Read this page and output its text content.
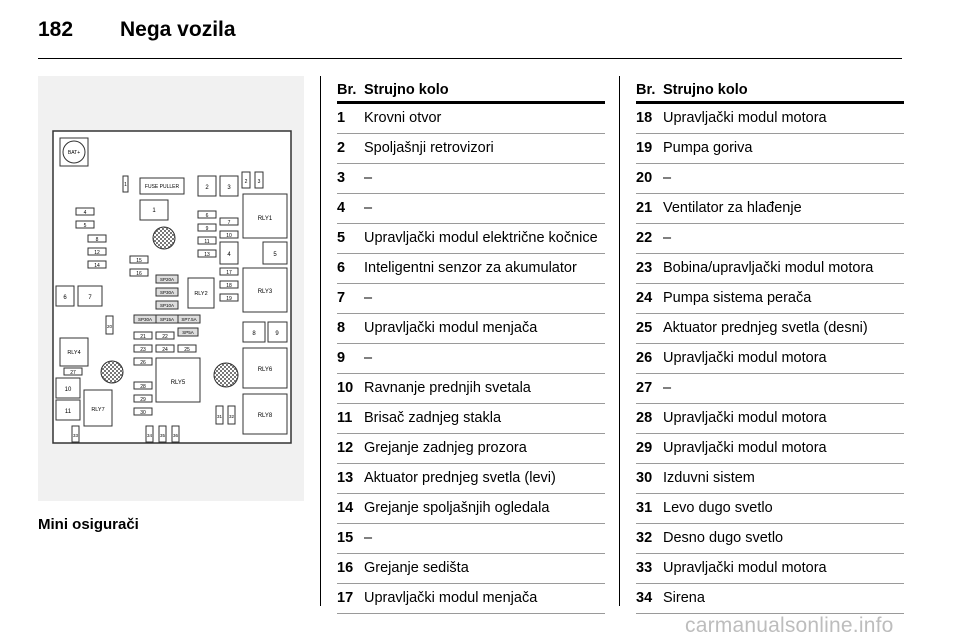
182 Nega vozila
BAT+
1	FUSE PULLER
1
2	3
2 3
RLY1
4
5
8
12
14
6
7
9
10
11
13	4	5
15
16
SP20A
SP30A
SP10A
SP30A SP15A SP7.5A
SP5A
6	7
RLY2
17
18
19
RLY3
20
8	9
21	22
23	24	25
26
RLY4
27
RLY5
RLY6
10
11	RLY7
28
29
30
31 32	RLY8
33	34 35 36
Mini osigurači
Br. Strujno kolo
1 Krovni otvor
2 Spoljašnji retrovizori
3 –
4 –
5 Upravljački modul električne kočnice
6 Inteligentni senzor za akumulator
7 –
8 Upravljački modul menjača
9 –
10 Ravnanje prednjih svetala
11 Brisač zadnjeg stakla
12 Grejanje zadnjeg prozora
13 Aktuator prednjeg svetla (levi)
14 Grejanje spoljašnjih ogledala
15 –
16 Grejanje sedišta
17 Upravljački modul menjača
Br. Strujno kolo
18 Upravljački modul motora
19 Pumpa goriva
20 –
21 Ventilator za hlađenje
22 –
23 Bobina/upravljački modul motora
24 Pumpa sistema perača
25 Aktuator prednjeg svetla (desni)
26 Upravljački modul motora
27 –
28 Upravljački modul motora
29 Upravljački modul motora
30 Izduvni sistem
31 Levo dugo svetlo
32 Desno dugo svetlo
33 Upravljački modul motora
34 Sirena
carmanualsonline.info
